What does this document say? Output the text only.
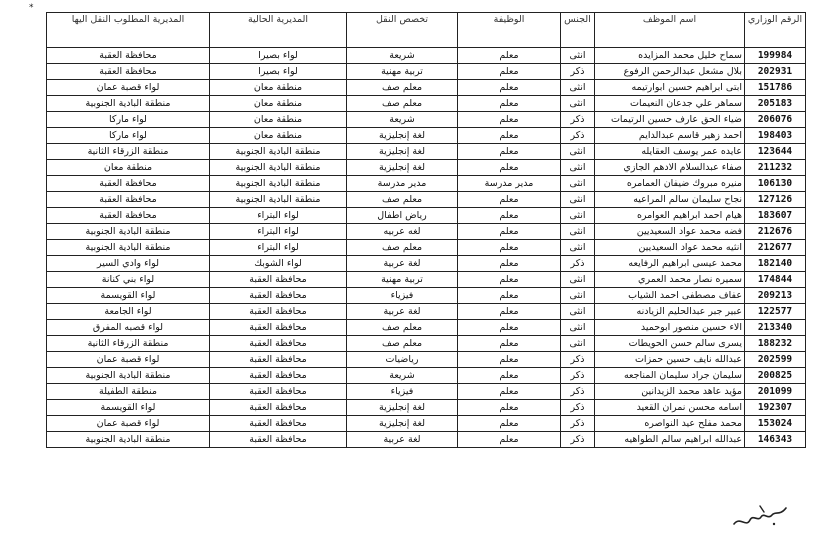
*
الرقم الوزاري	اسم الموظف	الجنس	الوظيفة	تخصص النقل	المديرية الحالية	المديرية المطلوب النقل اليها
199984	سماح خليل محمد المزايده	انثى	معلم	شريعة	لواء بصيرا	محافظة العقبة
202931	بلال مشعل عبدالرحمن الرفوع	ذكر	معلم	تربية مهنية	لواء بصيرا	محافظة العقبة
151786	ابتى ابراهيم حسين ابوارتيمه	انثى	معلم	معلم صف	منطقة معان	لواء قصبة عمان
205183	سماهر علي جدعان النعيمات	انثى	معلم	معلم صف	منطقة معان	منطقة البادية الجنوبية
206076	ضياء الحق عارف حسين الرتيمات	ذكر	معلم	شريعة	منطقة معان	لواء ماركا
198403	احمد زهير قاسم عبدالدايم	ذكر	معلم	لغة إنجليزية	منطقة معان	لواء ماركا
123644	عايده عمر يوسف العقايله	انثى	معلم	لغة إنجليزية	منطقة البادية الجنوبية	منطقة الزرقاء الثانية
211232	صفاء عبدالسلام الادهم الجازي	انثى	معلم	لغة إنجليزية	منطقة البادية الجنوبية	منطقة معان
106130	منيره مبروك ضيفان العمامره	انثى	مدير مدرسة	مدير مدرسة	منطقة البادية الجنوبية	محافظة العقبة
127126	نجاح سليمان سالم المراعيه	انثى	معلم	معلم صف	منطقة البادية الجنوبية	محافظة العقبة
183607	هيام احمد ابراهيم العوامره	انثى	معلم	رياض اطفال	لواء البتراء	محافظة العقبة
212676	فضه محمد عواد السعيديين	انثى	معلم	لغه عربيه	لواء البتراء	منطقة البادية الجنوبية
212677	انثيه محمد عواد السعيديين	انثى	معلم	معلم صف	لواء البتراء	منطقة البادية الجنوبية
182140	محمد عيسى ابراهيم الرفايعه	ذكر	معلم	لغة عربية	لواء الشوبك	لواء وادي السير
174844	سميره نصار محمد العمري	انثى	معلم	تربية مهنية	محافظة العقبة	لواء بني كنانة
209213	عفاف مصطفى احمد الشياب	انثى	معلم	فيزياء	محافظة العقبة	لواء القويسمة
122577	عبير جبر عبدالحليم الزيادنه	انثى	معلم	لغة عربية	محافظة العقبة	لواء الجامعة
213340	الاء حسين منصور ابوحميد	انثى	معلم	معلم صف	محافظة العقبة	لواء قصبه المفرق
188232	يسرى سالم حسن الحويطات	انثى	معلم	معلم صف	محافظة العقبة	منطقة الزرقاء الثانية
202599	عبدالله نايف حسين حمزات	ذكر	معلم	رياضيات	محافظة العقبة	لواء قصبة عمان
200825	سليمان جراد سليمان المناجعه	ذكر	معلم	شريعة	محافظة العقبة	منطقة البادية الجنوبية
201099	مؤيد عاهد محمد الزيدانين	ذكر	معلم	فيزياء	محافظة العقبة	منطقة الطفيلة
192307	اسامه محسن نمران القعيد	ذكر	معلم	لغة إنجليزية	محافظة العقبة	لواء القويسمة
153024	محمد مفلح عيد النواصره	ذكر	معلم	لغة إنجليزية	محافظة العقبة	لواء قصبة عمان
146343	عبدالله ابراهيم سالم الطواهيه	ذكر	معلم	لغة عربية	محافظة العقبة	منطقة البادية الجنوبية
